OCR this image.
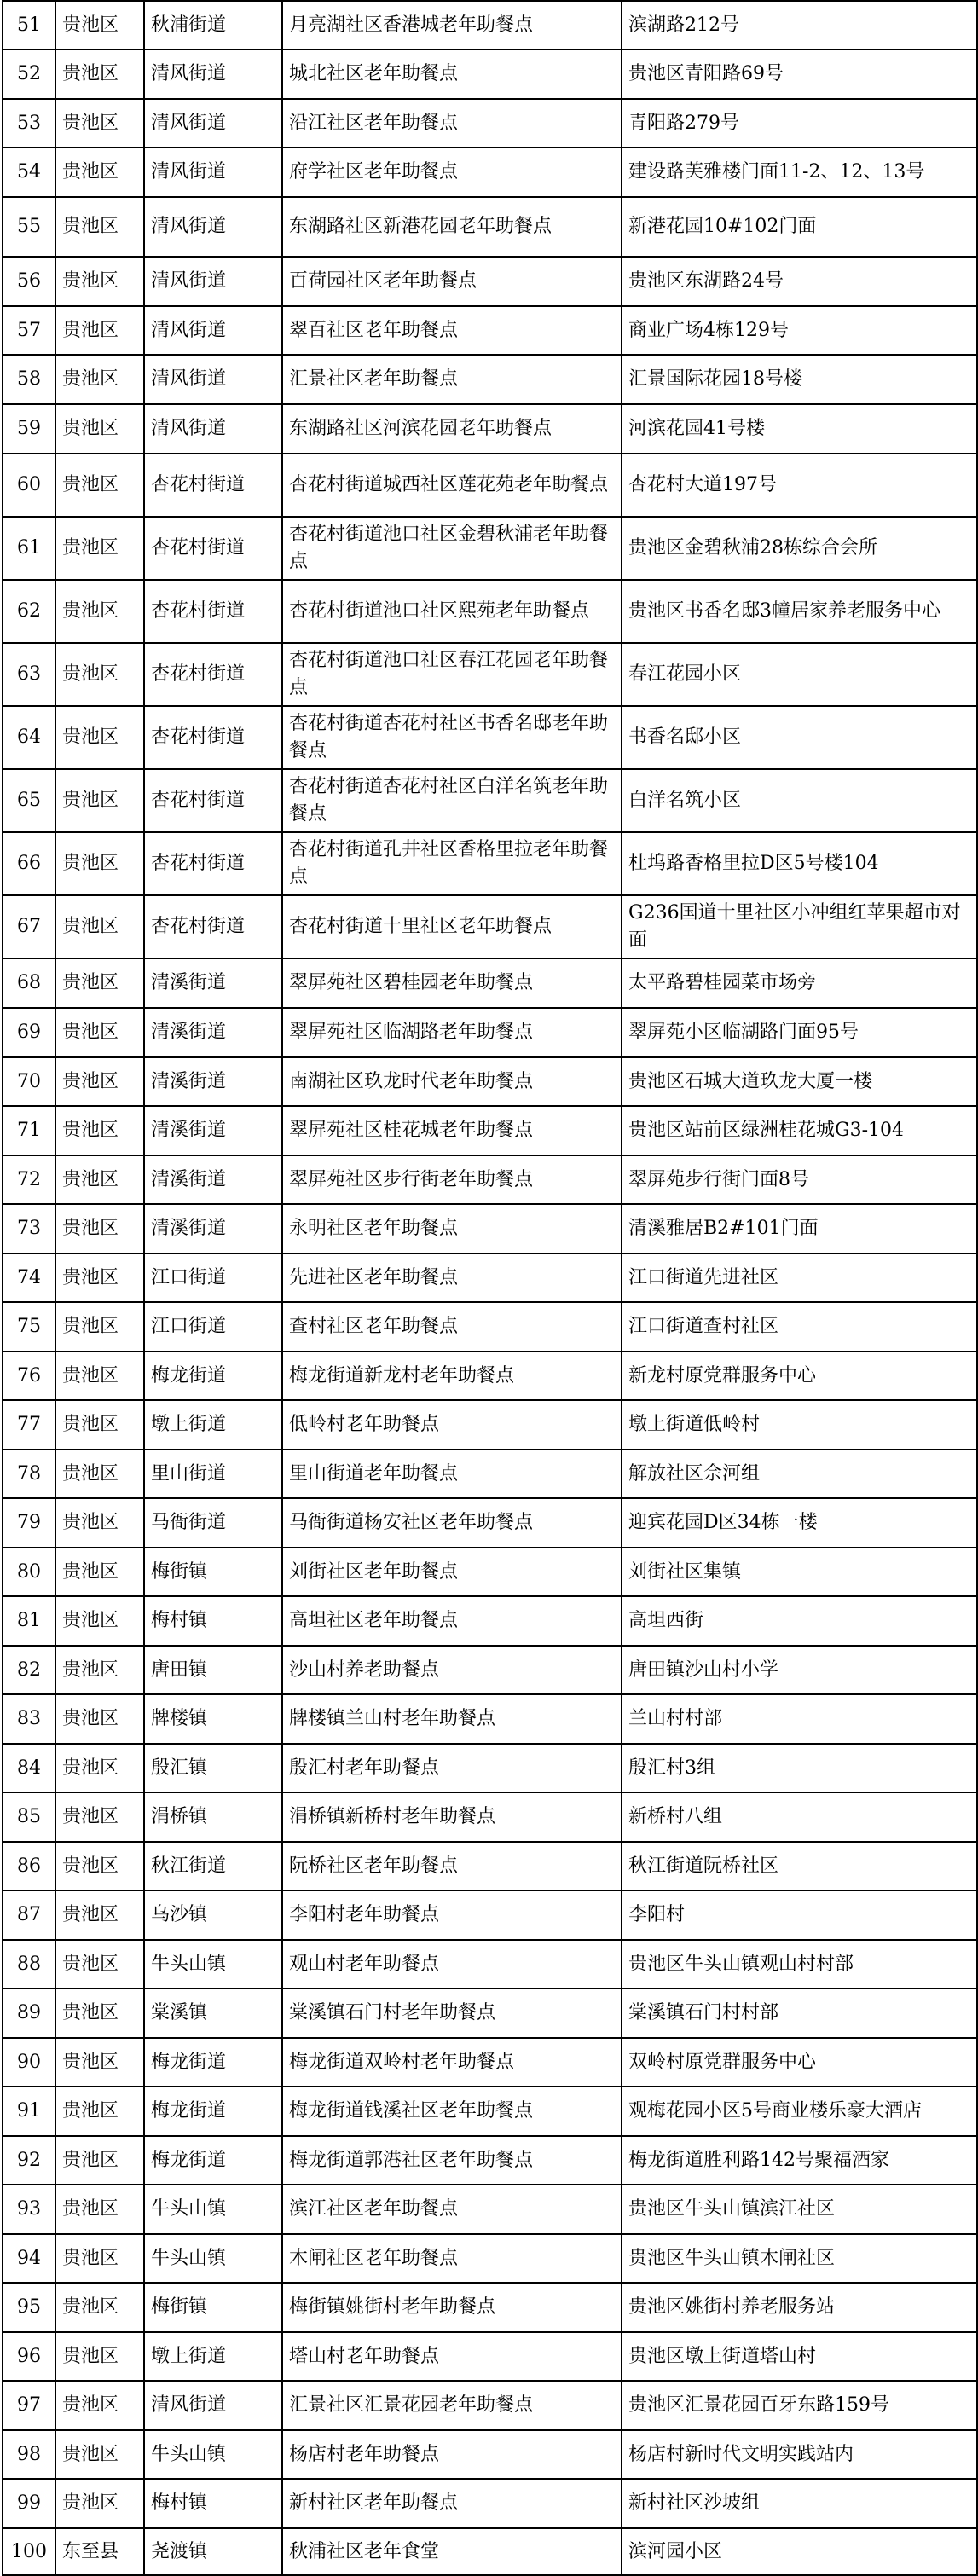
51	贵池区	秋浦街道	月亮湖社区香港城老年助餐点	滨湖路212号
52	贵池区	清风街道	城北社区老年助餐点	贵池区青阳路69号
53	贵池区	清风街道	沿江社区老年助餐点	青阳路279号
54	贵池区	清风街道	府学社区老年助餐点	建设路芙雅楼门面11-2、12、13号
55	贵池区	清风街道	东湖路社区新港花园老年助餐点	新港花园10#102门面
56	贵池区	清风街道	百荷园社区老年助餐点	贵池区东湖路24号
57	贵池区	清风街道	翠百社区老年助餐点	商业广场4栋129号
58	贵池区	清风街道	汇景社区老年助餐点	汇景国际花园18号楼
59	贵池区	清风街道	东湖路社区河滨花园老年助餐点	河滨花园41号楼
60	贵池区	杏花村街道	杏花村街道城西社区莲花苑老年助餐点	杏花村大道197号
61	贵池区	杏花村街道	杏花村街道池口社区金碧秋浦老年助餐点	贵池区金碧秋浦28栋综合会所
62	贵池区	杏花村街道	杏花村街道池口社区熙苑老年助餐点	贵池区书香名邸3幢居家养老服务中心
63	贵池区	杏花村街道	杏花村街道池口社区春江花园老年助餐点	春江花园小区
64	贵池区	杏花村街道	杏花村街道杏花村社区书香名邸老年助餐点	书香名邸小区
65	贵池区	杏花村街道	杏花村街道杏花村社区白洋名筑老年助餐点	白洋名筑小区
66	贵池区	杏花村街道	杏花村街道孔井社区香格里拉老年助餐点	杜坞路香格里拉D区5号楼104
67	贵池区	杏花村街道	杏花村街道十里社区老年助餐点	G236国道十里社区小冲组红苹果超市对面
68	贵池区	清溪街道	翠屏苑社区碧桂园老年助餐点	太平路碧桂园菜市场旁
69	贵池区	清溪街道	翠屏苑社区临湖路老年助餐点	翠屏苑小区临湖路门面95号
70	贵池区	清溪街道	南湖社区玖龙时代老年助餐点	贵池区石城大道玖龙大厦一楼
71	贵池区	清溪街道	翠屏苑社区桂花城老年助餐点	贵池区站前区绿洲桂花城G3-104
72	贵池区	清溪街道	翠屏苑社区步行街老年助餐点	翠屏苑步行街门面8号
73	贵池区	清溪街道	永明社区老年助餐点	清溪雅居B2#101门面
74	贵池区	江口街道	先进社区老年助餐点	江口街道先进社区
75	贵池区	江口街道	查村社区老年助餐点	江口街道查村社区
76	贵池区	梅龙街道	梅龙街道新龙村老年助餐点	新龙村原党群服务中心
77	贵池区	墩上街道	低岭村老年助餐点	墩上街道低岭村
78	贵池区	里山街道	里山街道老年助餐点	解放社区佘河组
79	贵池区	马衙街道	马衙街道杨安社区老年助餐点	迎宾花园D区34栋一楼
80	贵池区	梅街镇	刘街社区老年助餐点	刘街社区集镇
81	贵池区	梅村镇	高坦社区老年助餐点	高坦西街
82	贵池区	唐田镇	沙山村养老助餐点	唐田镇沙山村小学
83	贵池区	牌楼镇	牌楼镇兰山村老年助餐点	兰山村村部
84	贵池区	殷汇镇	殷汇村老年助餐点	殷汇村3组
85	贵池区	涓桥镇	涓桥镇新桥村老年助餐点	新桥村八组
86	贵池区	秋江街道	阮桥社区老年助餐点	秋江街道阮桥社区
87	贵池区	乌沙镇	李阳村老年助餐点	李阳村
88	贵池区	牛头山镇	观山村老年助餐点	贵池区牛头山镇观山村村部
89	贵池区	棠溪镇	棠溪镇石门村老年助餐点	棠溪镇石门村村部
90	贵池区	梅龙街道	梅龙街道双岭村老年助餐点	双岭村原党群服务中心
91	贵池区	梅龙街道	梅龙街道钱溪社区老年助餐点	观梅花园小区5号商业楼乐豪大酒店
92	贵池区	梅龙街道	梅龙街道郭港社区老年助餐点	梅龙街道胜利路142号聚福酒家
93	贵池区	牛头山镇	滨江社区老年助餐点	贵池区牛头山镇滨江社区
94	贵池区	牛头山镇	木闸社区老年助餐点	贵池区牛头山镇木闸社区
95	贵池区	梅街镇	梅街镇姚街村老年助餐点	贵池区姚街村养老服务站
96	贵池区	墩上街道	塔山村老年助餐点	贵池区墩上街道塔山村
97	贵池区	清风街道	汇景社区汇景花园老年助餐点	贵池区汇景花园百牙东路159号
98	贵池区	牛头山镇	杨店村老年助餐点	杨店村新时代文明实践站内
99	贵池区	梅村镇	新村社区老年助餐点	新村社区沙坡组
100	东至县	尧渡镇	秋浦社区老年食堂	滨河园小区
